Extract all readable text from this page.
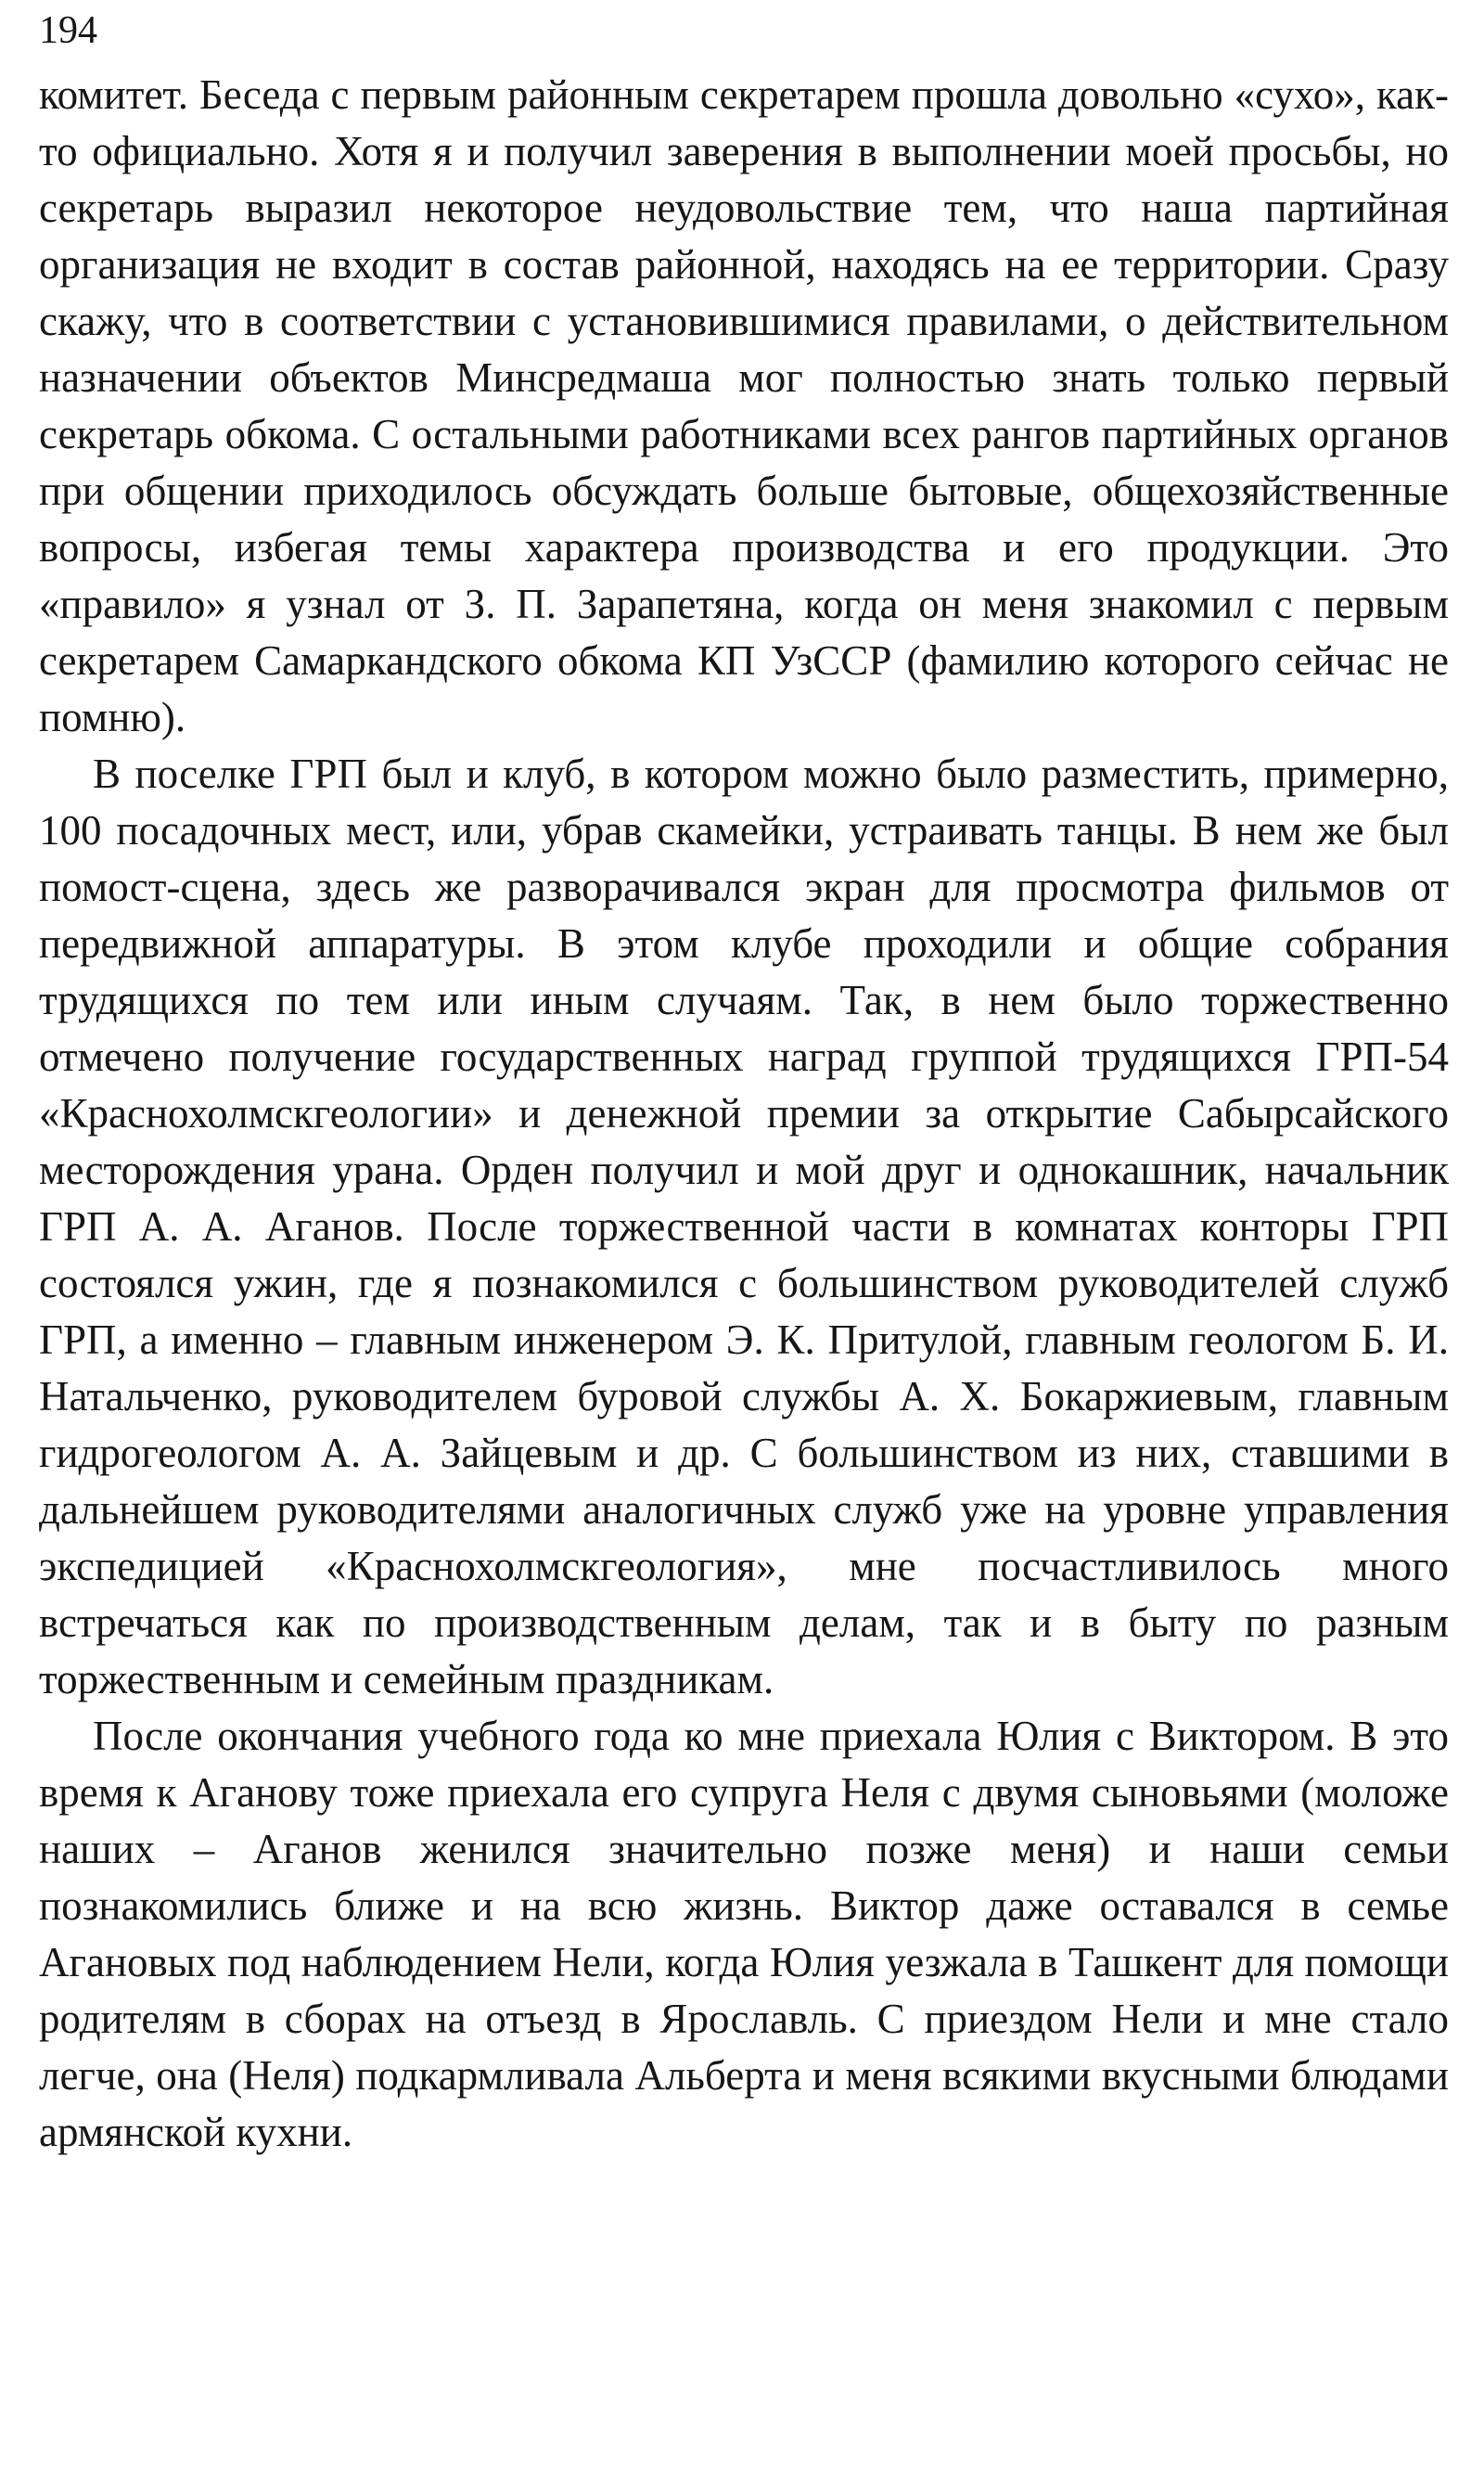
194

комитет. Беседа с первым районным секретарем прошла довольно «сухо», как-то официально. Хотя я и получил заверения в выполнении моей просьбы, но секретарь выразил некоторое неудовольствие тем, что наша партийная организация не входит в состав районной, находясь на ее территории. Сразу скажу, что в соответствии с установившимися правилами, о действительном назначении объектов Минсредмаша мог полностью знать только первый секретарь обкома. С остальными работниками всех рангов партийных органов при общении приходилось обсуждать больше бытовые, общехозяйственные вопросы, избегая темы характера производства и его продукции. Это «правило» я узнал от З. П. Зарапетяна, когда он меня знакомил с первым секретарем Самаркандского обкома КП УзССР (фамилию которого сейчас не помню).

В поселке ГРП был и клуб, в котором можно было разместить, примерно, 100 посадочных мест, или, убрав скамейки, устраивать танцы. В нем же был помост-сцена, здесь же разворачивался экран для просмотра фильмов от передвижной аппаратуры. В этом клубе проходили и общие собрания трудящихся по тем или иным случаям. Так, в нем было торжественно отмечено получение государственных наград группой трудящихся ГРП-54 «Краснохолмскгеологии» и денежной премии за открытие Сабырсайского месторождения урана. Орден получил и мой друг и однокашник, начальник ГРП А. А. Аганов. После торжественной части в комнатах конторы ГРП состоялся ужин, где я познакомился с большинством руководителей служб ГРП, а именно – главным инженером Э. К. Притулой, главным геологом Б. И. Натальченко, руководителем буровой службы А. Х. Бокаржиевым, главным гидрогеологом А. А. Зайцевым и др. С большинством из них, ставшими в дальнейшем руководителями аналогичных служб уже на уровне управления экспедицией «Краснохолмскгеология», мне посчастливилось много встречаться как по производственным делам, так и в быту по разным торжественным и семейным праздникам.

После окончания учебного года ко мне приехала Юлия с Виктором. В это время к Аганову тоже приехала его супруга Неля с двумя сыновьями (моложе наших – Аганов женился значительно позже меня) и наши семьи познакомились ближе и на всю жизнь. Виктор даже оставался в семье Агановых под наблюдением Нели, когда Юлия уезжала в Ташкент для помощи родителям в сборах на отъезд в Ярославль. С приездом Нели и мне стало легче, она (Неля) подкармливала Альберта и меня всякими вкусными блюдами армянской кухни.
